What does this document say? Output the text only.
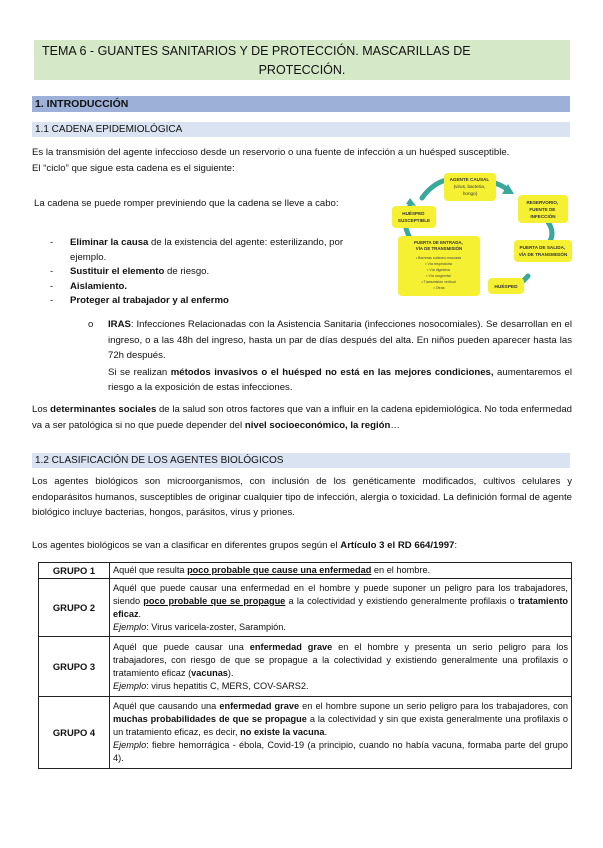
TEMA 6 - GUANTES SANITARIOS Y DE PROTECCIÓN. MASCARILLAS DE
PROTECCIÓN.
1. INTRODUCCIÓN
1.1 CADENA EPIDEMIOLÓGICA
Es la transmisión del agente infeccioso desde un reservorio o una fuente de infección a un huésped susceptible.
El “ciclo” que sigue esta cadena es el siguiente:
La cadena se puede romper previniendo que la cadena se lleve a cabo:
- Eliminar la causa de la existencia del agente: esterilizando, por ejemplo.
- Sustituir el elemento de riesgo.
- Aislamiento.
- Proteger al trabajador y al enfermo
o IRAS: Infecciones Relacionadas con la Asistencia Sanitaria (infecciones nosocomiales). Se desarrollan en el ingreso, o a las 48h del ingreso, hasta un par de días después del alta. En niños pueden aparecer hasta las 72h después.
Si se realizan métodos invasivos o el huésped no está en las mejores condiciones, aumentaremos el riesgo a la exposición de estas infecciones.
Los determinantes sociales de la salud son otros factores que van a influir en la cadena epidemiológica. No toda enfermedad va a ser patológica si no que puede depender del nivel socioeconómico, la región…
AGENTE CAUSAL (virus, bacteria, hongo)
RESERVORIO, FUENTE DE INFECCIÓN
PUERTA DE SALIDA, VÍA DE TRANSMISIÓN
HUÉSPED
PUERTA DE ENTRADA, VÍA DE TRANSMISIÓN
• Barreras cutáneo-mucosas • Vía respiratoria • Vía digestiva • Vía urogenital • Transmisión vertical • Otras
HUÉSPED SUSCEPTIBLE
1.2 CLASIFICACIÓN DE LOS AGENTES BIOLÓGICOS
Los agentes biológicos son microorganismos, con inclusión de los genéticamente modificados, cultivos celulares y endoparásitos humanos, susceptibles de originar cualquier tipo de infección, alergia o toxicidad. La definición formal de agente biológico incluye bacterias, hongos, parásitos, virus y priones.
Los agentes biológicos se van a clasificar en diferentes grupos según el Artículo 3 el RD 664/1997:
GRUPO 1	Aquél que resulta poco probable que cause una enfermedad en el hombre.
GRUPO 2	Aquél que puede causar una enfermedad en el hombre y puede suponer un peligro para los trabajadores, siendo poco probable que se propague a la colectividad y existiendo generalmente profilaxis o tratamiento eficaz.
Ejemplo: Virus varicela-zoster, Sarampión.
GRUPO 3	Aquél que puede causar una enfermedad grave en el hombre y presenta un serio peligro para los trabajadores, con riesgo de que se propague a la colectividad y existiendo generalmente una profilaxis o tratamiento eficaz (vacunas).
Ejemplo: virus hepatitis C, MERS, COV-SARS2.
GRUPO 4	Aquél que causando una enfermedad grave en el hombre supone un serio peligro para los trabajadores, con muchas probabilidades de que se propague a la colectividad y sin que exista generalmente una profilaxis o un tratamiento eficaz, es decir, no existe la vacuna.
Ejemplo: fiebre hemorrágica - ébola, Covid-19 (a principio, cuando no había vacuna, formaba parte del grupo 4).
